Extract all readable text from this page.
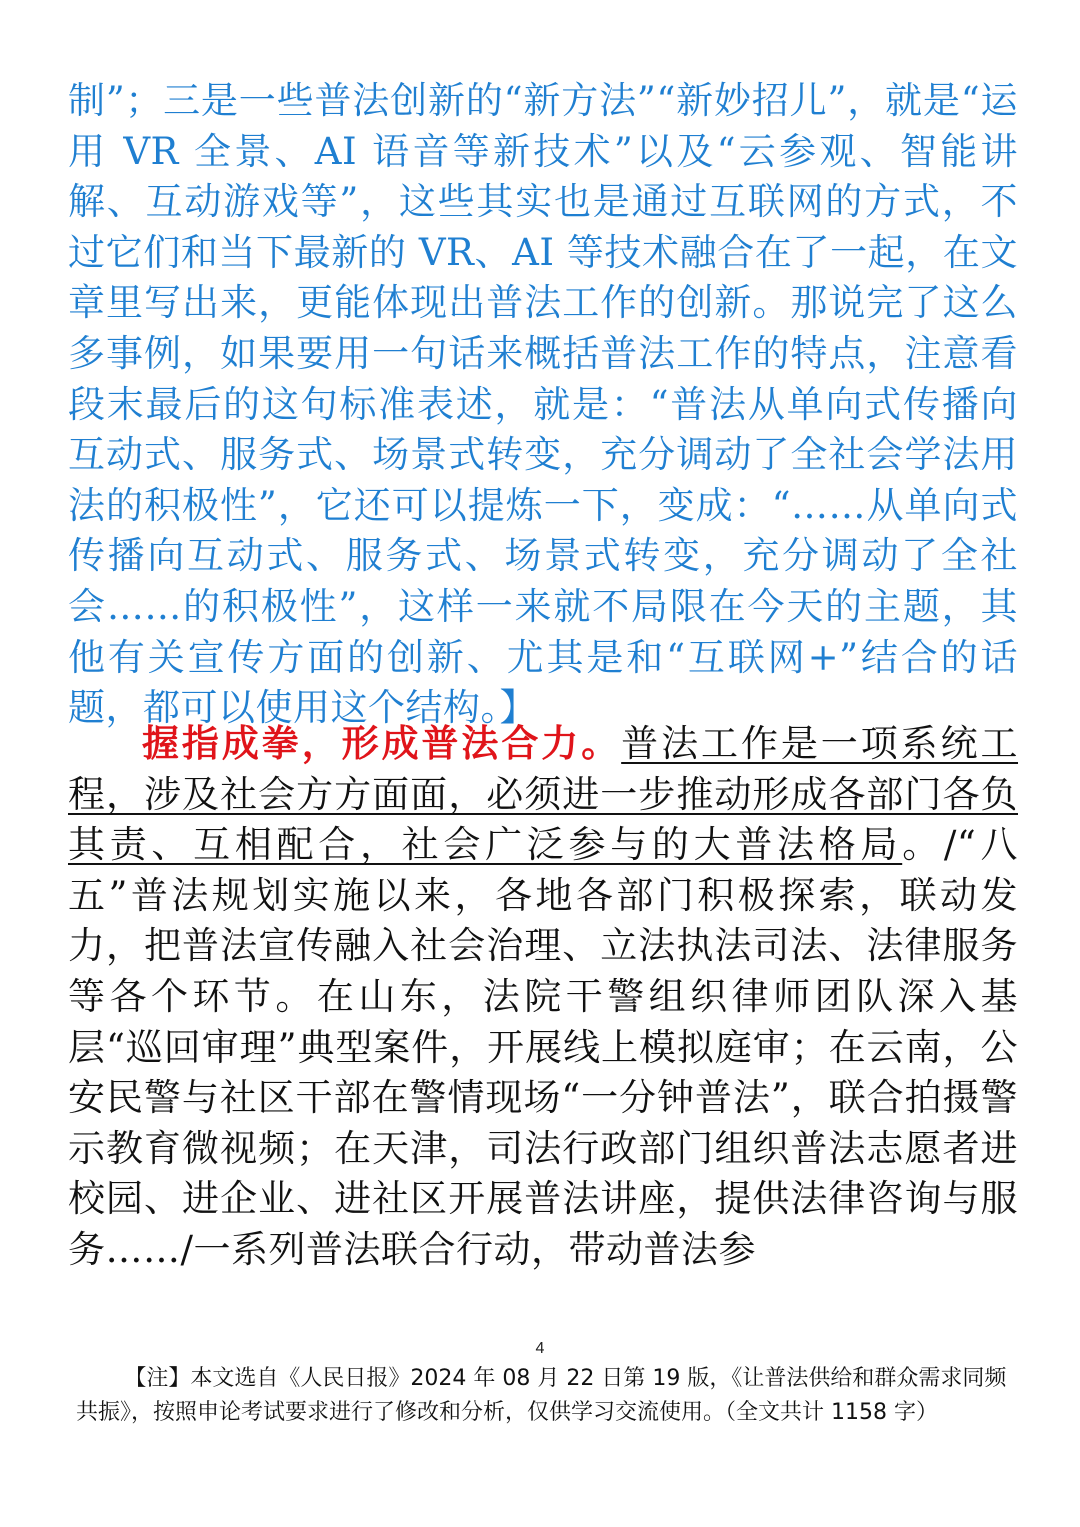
制”；三是一些普法创新的“新方法”“新妙招儿”，就是“运用 VR 全景、AI 语音等新技术”以及“云参观、智能讲解、互动游戏等”，这些其实也是通过互联网的方式，不过它们和当下最新的 VR、AI 等技术融合在了一起，在文章里写出来，更能体现出普法工作的创新。那说完了这么多事例，如果要用一句话来概括普法工作的特点，注意看段末最后的这句标准表述，就是：“普法从单向式传播向互动式、服务式、场景式转变，充分调动了全社会学法用法的积极性”，它还可以提炼一下，变成：“……从单向式传播向互动式、服务式、场景式转变，充分调动了全社会……的积极性”，这样一来就不局限在今天的主题，其他有关宣传方面的创新、尤其是和“互联网+”结合的话题，都可以使用这个结构。】

握指成拳，形成普法合力。普法工作是一项系统工程，涉及社会方方面面，必须进一步推动形成各部门各负其责、互相配合，社会广泛参与的大普法格局。/“八五”普法规划实施以来，各地各部门积极探索，联动发力，把普法宣传融入社会治理、立法执法司法、法律服务等各个环节。在山东，法院干警组织律师团队深入基层“巡回审理”典型案件，开展线上模拟庭审；在云南，公安民警与社区干部在警情现场“一分钟普法”，联合拍摄警示教育微视频；在天津，司法行政部门组织普法志愿者进校园、进企业、进社区开展普法讲座，提供法律咨询与服务……/一系列普法联合行动，带动普法参

4
【注】本文选自《人民日报》2024 年 08 月 22 日第 19 版，《让普法供给和群众需求同频共振》，按照申论考试要求进行了修改和分析，仅供学习交流使用。（全文共计 1158 字）
